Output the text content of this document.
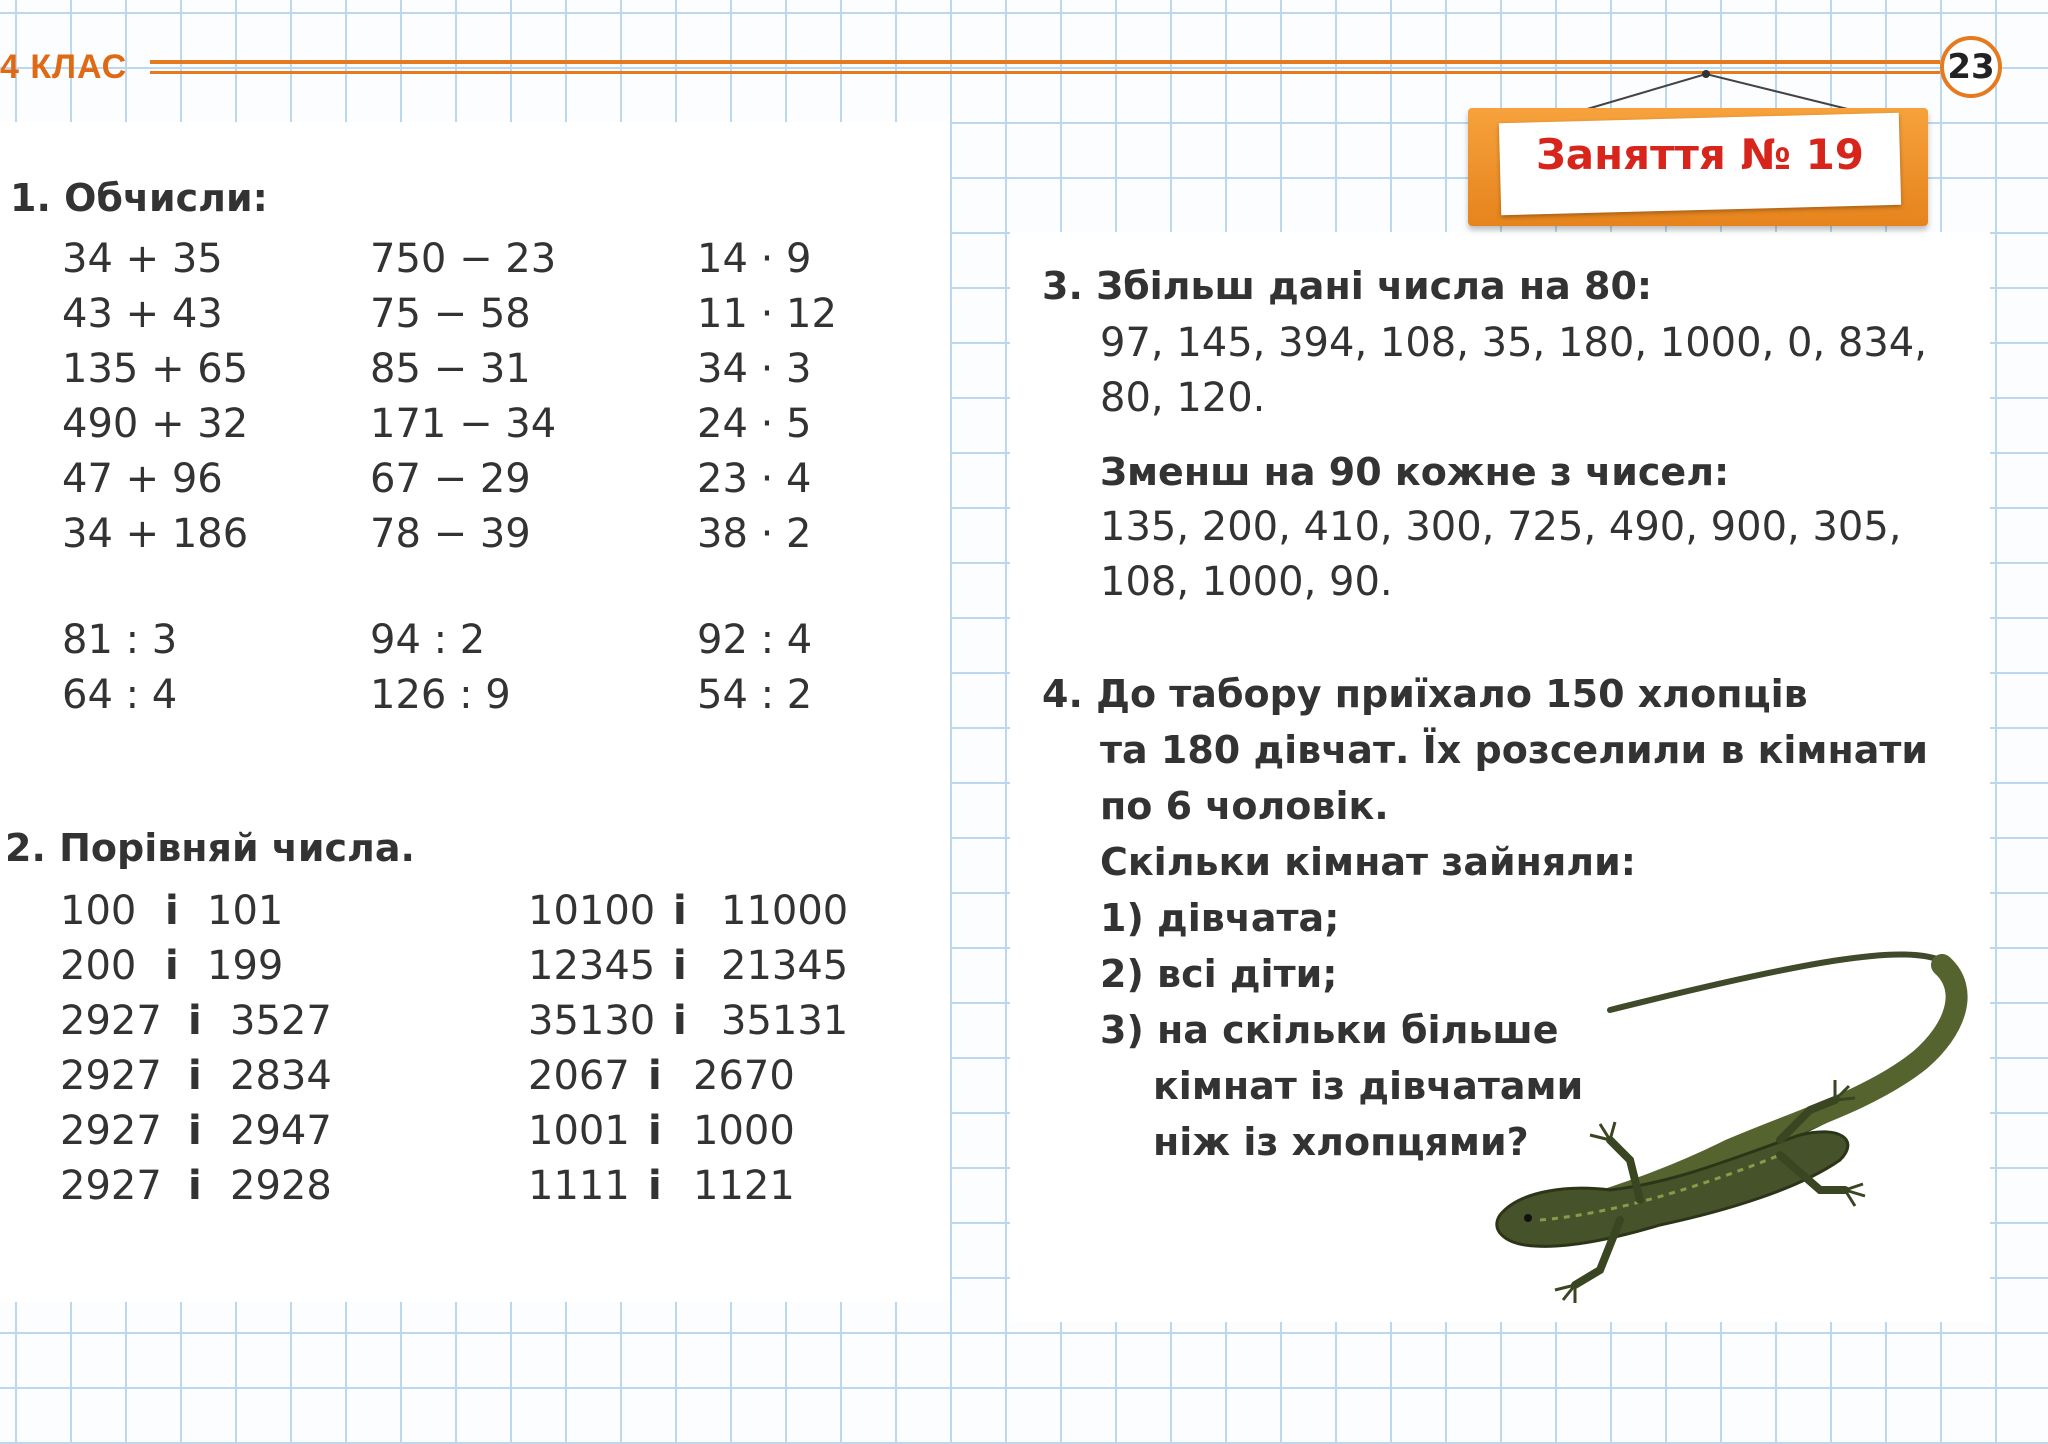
4 КЛАС	23
Заняття № 19
1. Обчисли:
34 + 35
43 + 43
135 + 65
490 + 32
47 + 96
34 + 186
750 − 23
75 − 58
85 − 31
171 − 34
67 − 29
78 − 39
14 · 9
11 · 12
34 · 3
24 · 5
23 · 4
38 · 2
81 : 3
64 : 4
94 : 2
126 : 9
92 : 4
54 : 2
2. Порівняй числа.
100 і 101
200 і 199
2927 і 3527
2927 і 2834
2927 і 2947
2927 і 2928
10100 і 11000
12345 і 21345
35130 і 35131
2067 і 2670
1001 і 1000
1111 і 1121
3. Збільш дані числа на 80:
97, 145, 394, 108, 35, 180, 1000, 0, 834,
80, 120.
Зменш на 90 кожне з чисел:
135, 200, 410, 300, 725, 490, 900, 305,
108, 1000, 90.
4. До табору приїхало 150 хлопців
та 180 дівчат. Їх розселили в кімнати
по 6 чоловік.
Скільки кімнат зайняли:
1) дівчата;
2) всі діти;
3) на скільки більше
кімнат із дівчатами
ніж із хлопцями?
